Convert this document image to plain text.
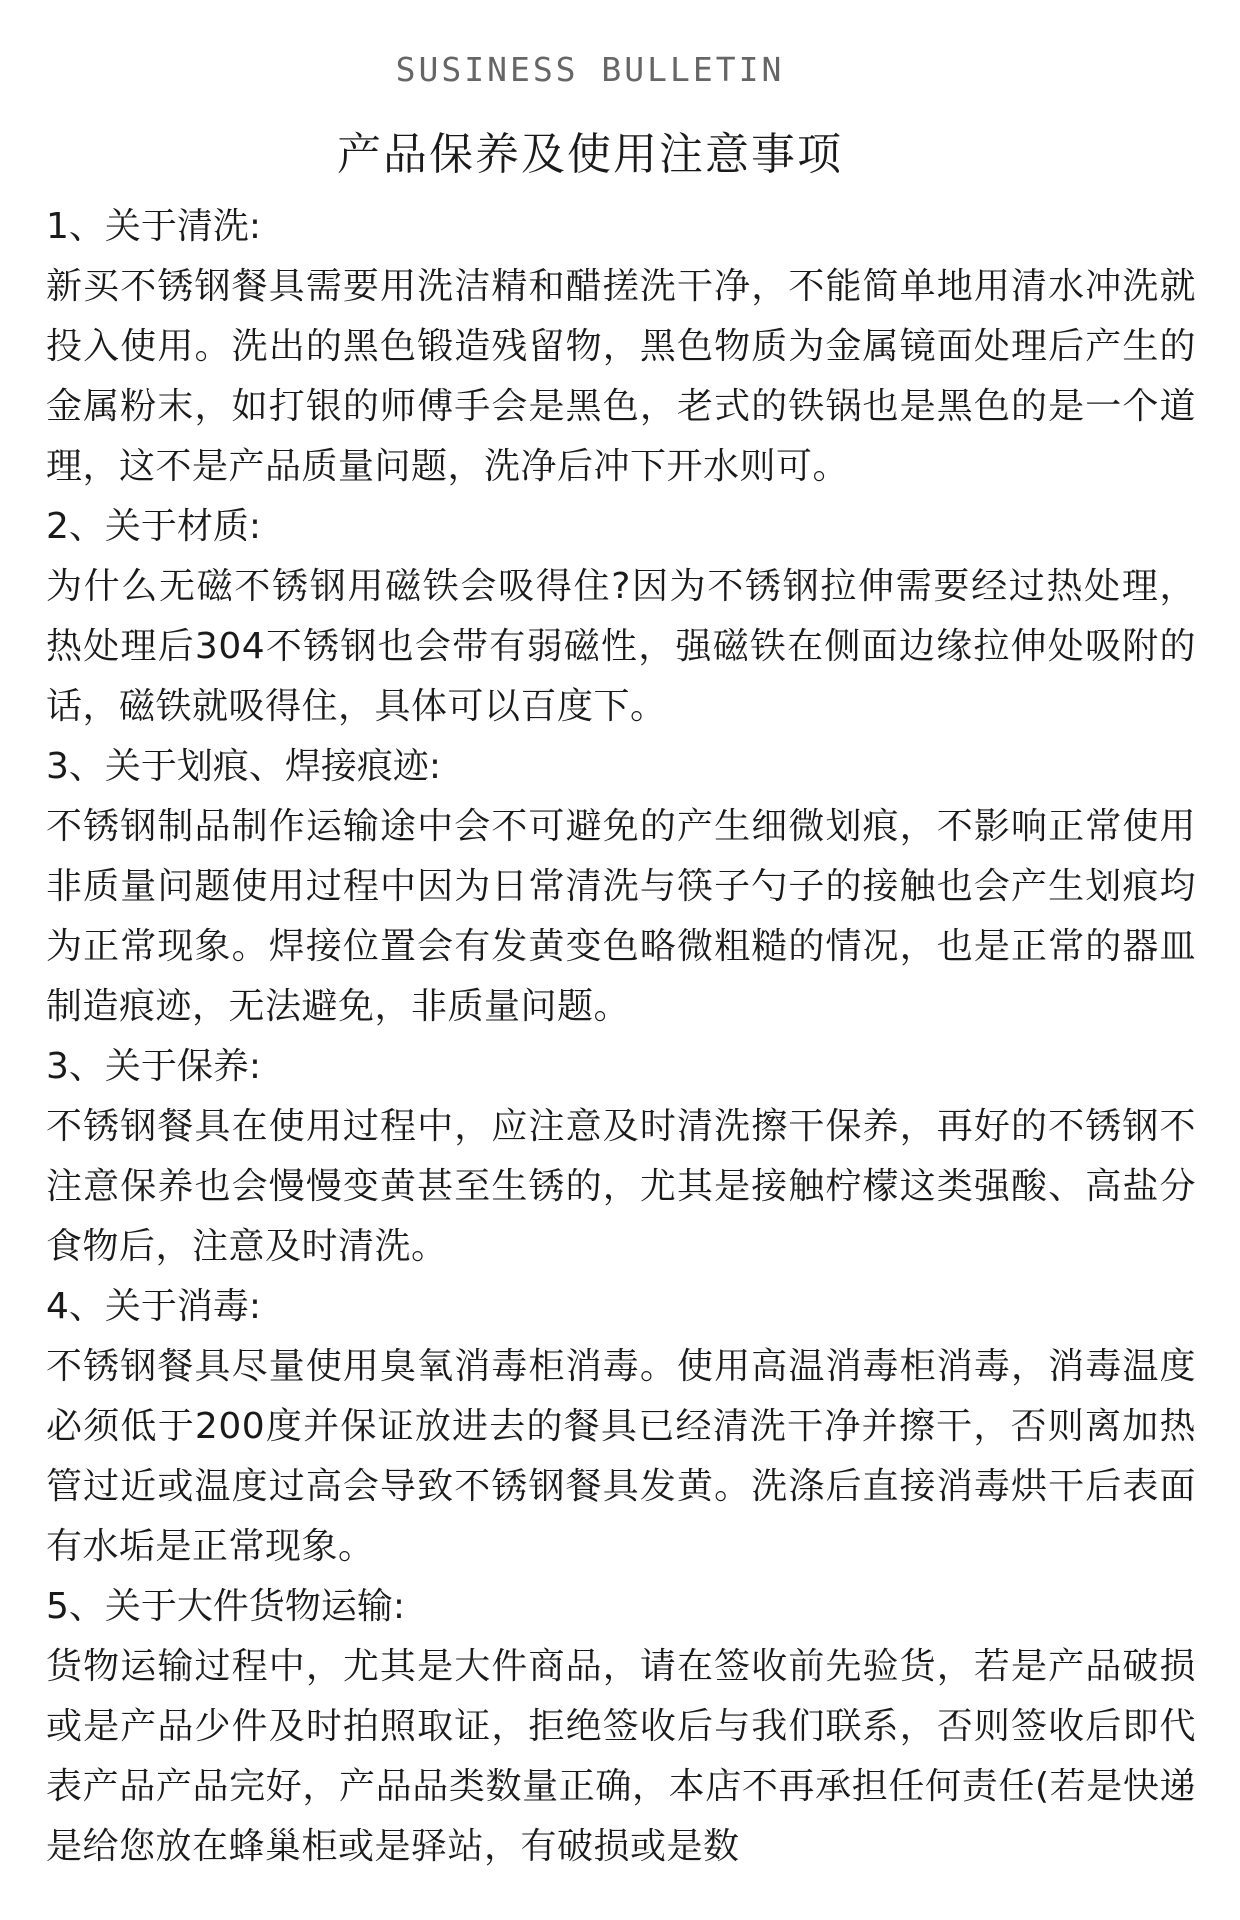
SUSINESS BULLETIN
产品保养及使用注意事项
1、关于清洗:
新买不锈钢餐具需要用洗洁精和醋搓洗干净，不能简单地用清水冲洗就投入使用。洗出的黑色锻造残留物，黑色物质为金属镜面处理后产生的金属粉末，如打银的师傅手会是黑色，老式的铁锅也是黑色的是一个道理，这不是产品质量问题，洗净后冲下开水则可。
2、关于材质:
为什么无磁不锈钢用磁铁会吸得住?因为不锈钢拉伸需要经过热处理，热处理后304不锈钢也会带有弱磁性，强磁铁在侧面边缘拉伸处吸附的话，磁铁就吸得住，具体可以百度下。
3、关于划痕、焊接痕迹:
不锈钢制品制作运输途中会不可避免的产生细微划痕，不影响正常使用非质量问题使用过程中因为日常清洗与筷子勺子的接触也会产生划痕均为正常现象。焊接位置会有发黄变色略微粗糙的情况，也是正常的器皿制造痕迹，无法避免，非质量问题。
3、关于保养:
不锈钢餐具在使用过程中，应注意及时清洗擦干保养，再好的不锈钢不注意保养也会慢慢变黄甚至生锈的，尤其是接触柠檬这类强酸、高盐分食物后，注意及时清洗。
4、关于消毒:
不锈钢餐具尽量使用臭氧消毒柜消毒。使用高温消毒柜消毒，消毒温度必须低于200度并保证放进去的餐具已经清洗干净并擦干，否则离加热管过近或温度过高会导致不锈钢餐具发黄。洗涤后直接消毒烘干后表面有水垢是正常现象。
5、关于大件货物运输:
货物运输过程中，尤其是大件商品，请在签收前先验货，若是产品破损或是产品少件及时拍照取证，拒绝签收后与我们联系，否则签收后即代表产品产品完好，产品品类数量正确，本店不再承担任何责任(若是快递是给您放在蜂巢柜或是驿站，有破损或是数
